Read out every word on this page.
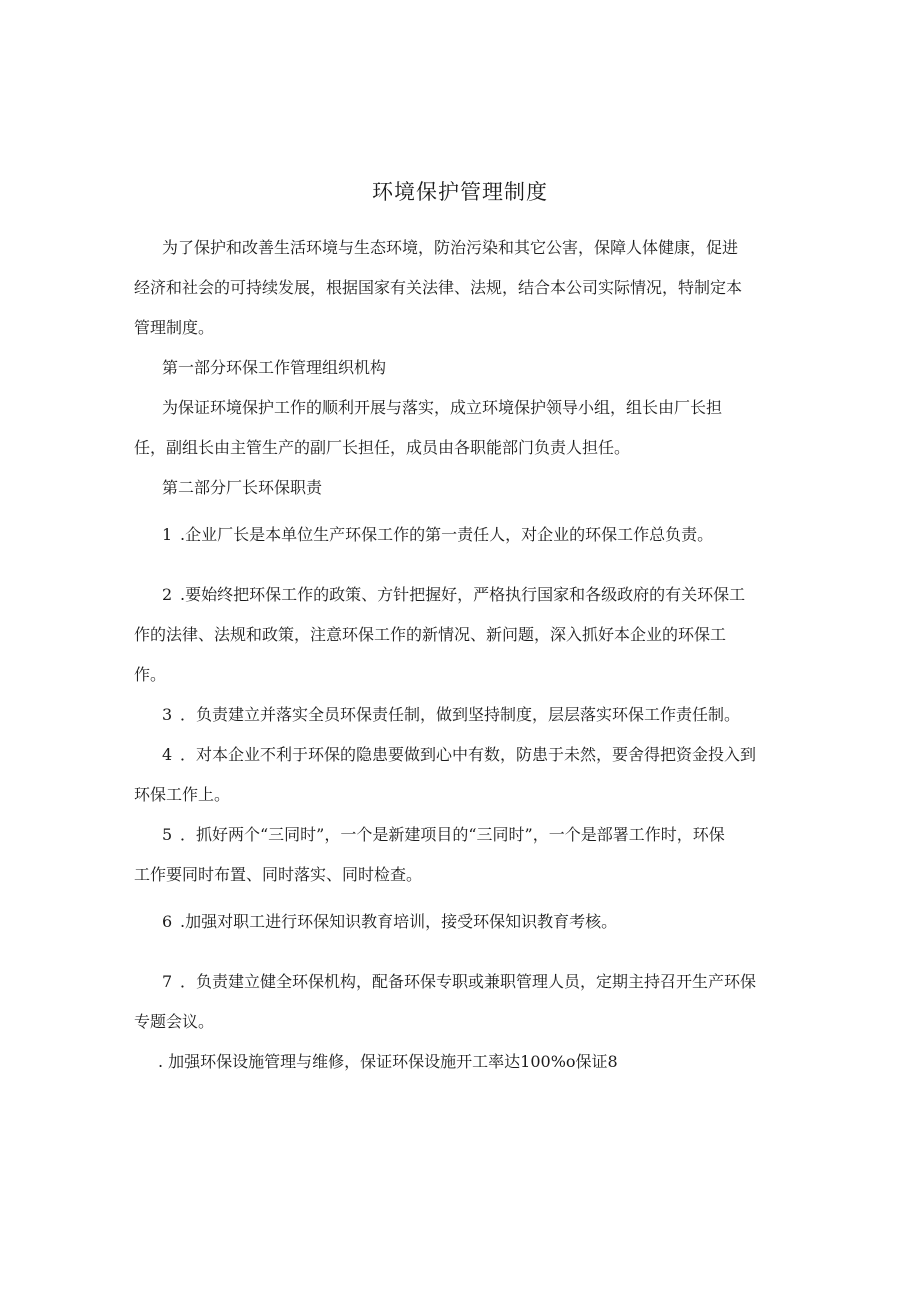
环境保护管理制度
为了保护和改善生活环境与生态环境，防治污染和其它公害，保障人体健康，促进
经济和社会的可持续发展，根据国家有关法律、法规，结合本公司实际情况，特制定本
管理制度。
第一部分环保工作管理组织机构
为保证环境保护工作的顺利开展与落实，成立环境保护领导小组，组长由厂长担
任，副组长由主管生产的副厂长担任，成员由各职能部门负责人担任。
第二部分厂长环保职责
1 .企业厂长是本单位生产环保工作的第一责任人，对企业的环保工作总负责。
2 .要始终把环保工作的政策、方针把握好，严格执行国家和各级政府的有关环保工
作的法律、法规和政策，注意环保工作的新情况、新问题，深入抓好本企业的环保工
作。
3 ．负责建立并落实全员环保责任制，做到坚持制度，层层落实环保工作责任制。
4 ．对本企业不利于环保的隐患要做到心中有数，防患于未然，要舍得把资金投入到
环保工作上。
5 ．抓好两个“三同时”，一个是新建项目的“三同时”，一个是部署工作时，环保
工作要同时布置、同时落实、同时检查。
6 .加强对职工进行环保知识教育培训，接受环保知识教育考核。
7 ．负责建立健全环保机构，配备环保专职或兼职管理人员，定期主持召开生产环保
专题会议。
. 加强环保设施管理与维修，保证环保设施开工率达100%o保证8
